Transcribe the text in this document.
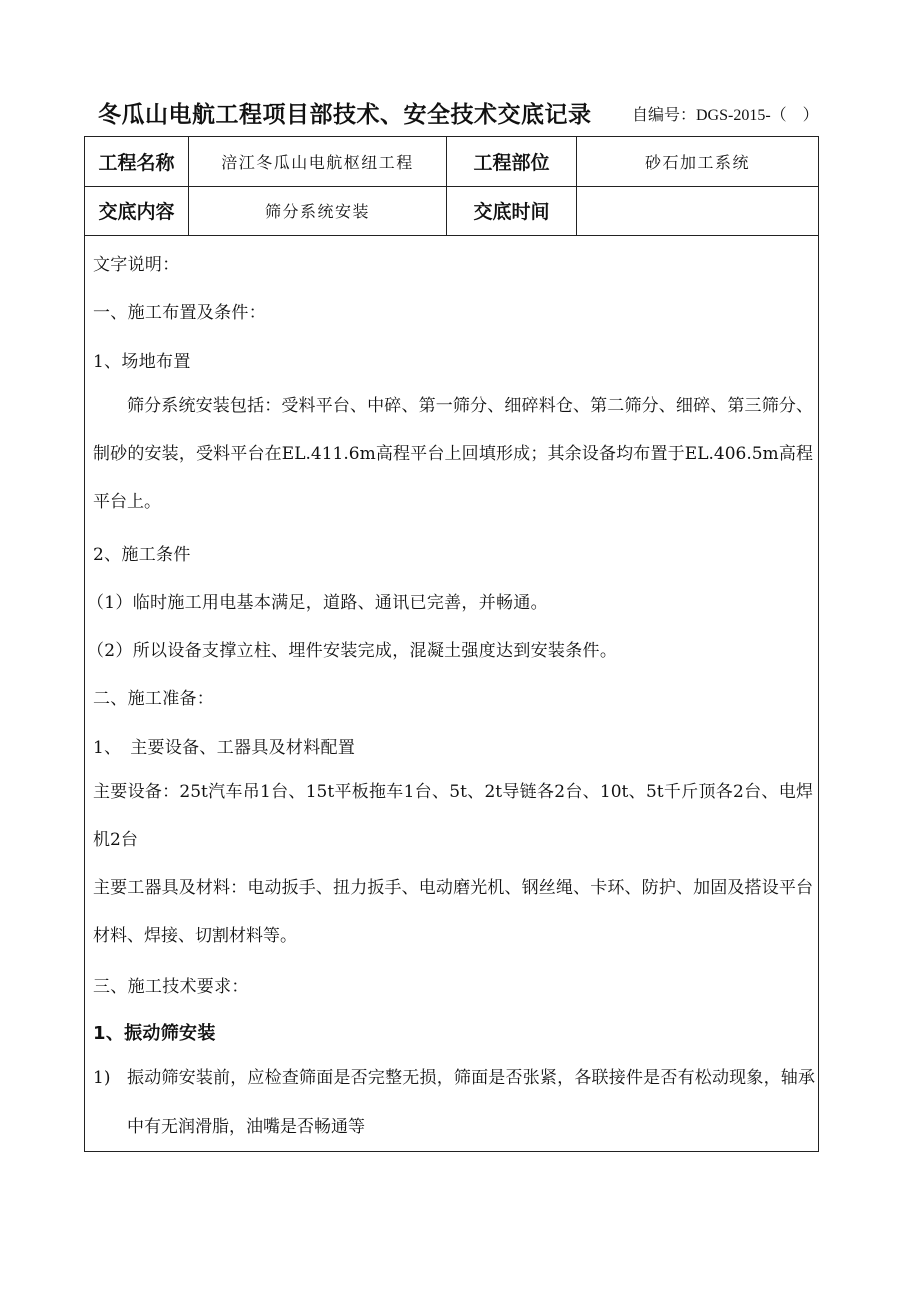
冬瓜山电航工程项目部技术、安全技术交底记录	自编号：DGS-2015-（　）
工程名称	涪江冬瓜山电航枢纽工程	工程部位	砂石加工系统
交底内容	筛分系统安装	交底时间
文字说明：
一、施工布置及条件：
1、场地布置
筛分系统安装包括：受料平台、中碎、第一筛分、细碎料仓、第二筛分、细碎、第三筛分、制砂的安装，受料平台在EL.411.6m高程平台上回填形成；其余设备均布置于EL.406.5m高程平台上。
2、施工条件
（1）临时施工用电基本满足，道路、通讯已完善，并畅通。
（2）所以设备支撑立柱、埋件安装完成，混凝土强度达到安装条件。
二、施工准备：
1、　主要设备、工器具及材料配置
主要设备：25t汽车吊1台、15t平板拖车1台、5t、2t导链各2台、10t、5t千斤顶各2台、电焊机2台
主要工器具及材料：电动扳手、扭力扳手、电动磨光机、钢丝绳、卡环、防护、加固及搭设平台材料、焊接、切割材料等。
三、施工技术要求：
1、振动筛安装
1) 振动筛安装前，应检查筛面是否完整无损，筛面是否张紧，各联接件是否有松动现象，轴承中有无润滑脂，油嘴是否畅通等
